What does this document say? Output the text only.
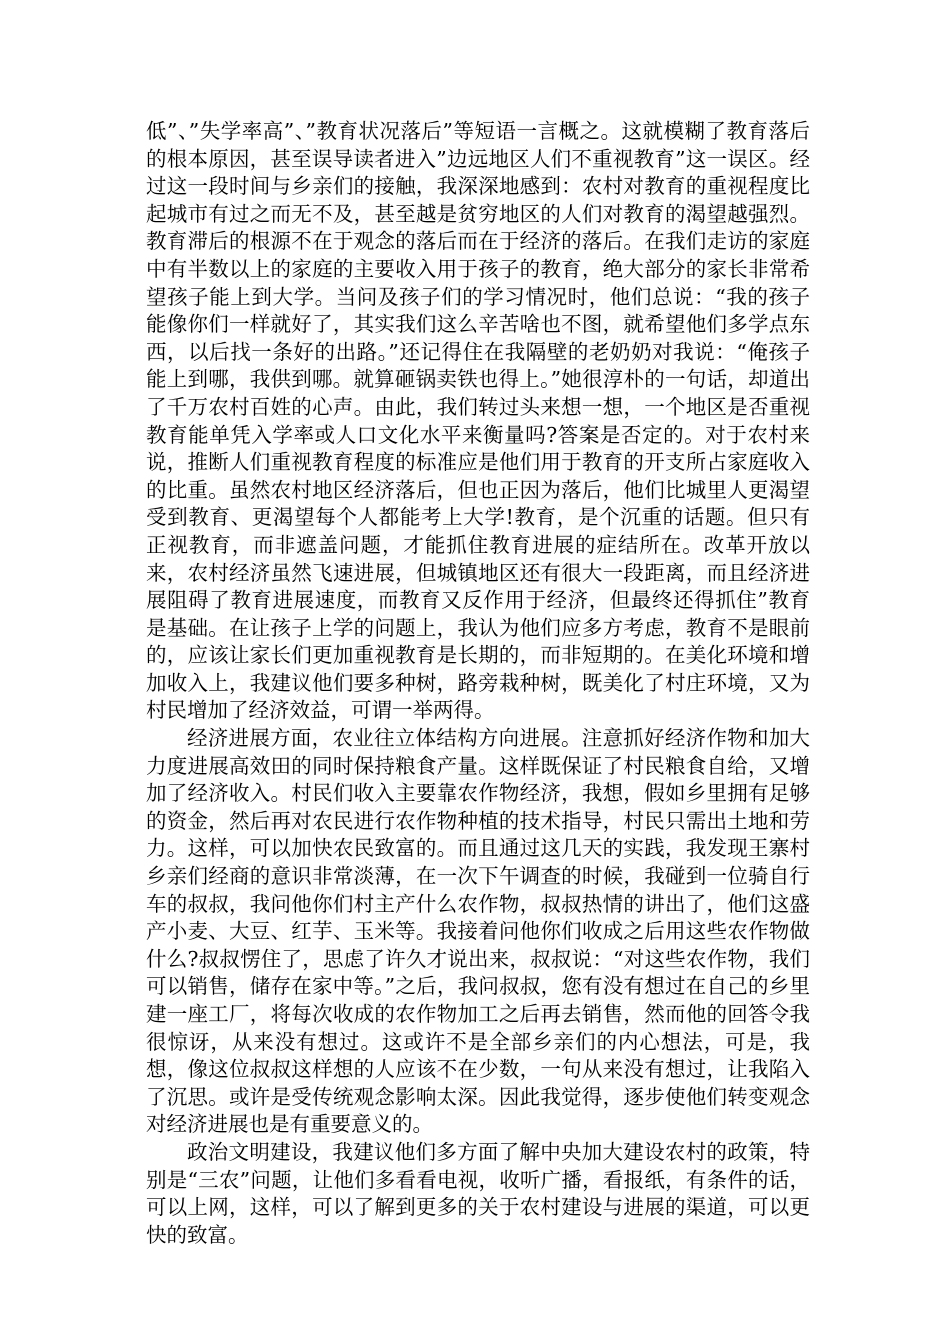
低”、”失学率高”、”教育状况落后”等短语一言概之。这就模糊了教育落后的根本原因，甚至误导读者进入”边远地区人们不重视教育”这一误区。经过这一段时间与乡亲们的接触，我深深地感到：农村对教育的重视程度比起城市有过之而无不及，甚至越是贫穷地区的人们对教育的渴望越强烈。教育滞后的根源不在于观念的落后而在于经济的落后。在我们走访的家庭中有半数以上的家庭的主要收入用于孩子的教育，绝大部分的家长非常希望孩子能上到大学。当问及孩子们的学习情况时，他们总说：“我的孩子能像你们一样就好了，其实我们这么辛苦啥也不图，就希望他们多学点东西，以后找一条好的出路。”还记得住在我隔壁的老奶奶对我说：“俺孩子能上到哪，我供到哪。就算砸锅卖铁也得上。”她很淳朴的一句话，却道出了千万农村百姓的心声。由此，我们转过头来想一想，一个地区是否重视教育能单凭入学率或人口文化水平来衡量吗?答案是否定的。对于农村来说，推断人们重视教育程度的标准应是他们用于教育的开支所占家庭收入的比重。虽然农村地区经济落后，但也正因为落后，他们比城里人更渴望受到教育、更渴望每个人都能考上大学!教育，是个沉重的话题。但只有正视教育，而非遮盖问题，才能抓住教育进展的症结所在。改革开放以来，农村经济虽然飞速进展，但城镇地区还有很大一段距离，而且经济进展阻碍了教育进展速度，而教育又反作用于经济，但最终还得抓住”教育是基础。在让孩子上学的问题上，我认为他们应多方考虑，教育不是眼前的，应该让家长们更加重视教育是长期的，而非短期的。在美化环境和增加收入上，我建议他们要多种树，路旁栽种树，既美化了村庄环境，又为村民增加了经济效益，可谓一举两得。

经济进展方面，农业往立体结构方向进展。注意抓好经济作物和加大力度进展高效田的同时保持粮食产量。这样既保证了村民粮食自给，又增加了经济收入。村民们收入主要靠农作物经济，我想，假如乡里拥有足够的资金，然后再对农民进行农作物种植的技术指导，村民只需出土地和劳力。这样，可以加快农民致富的。而且通过这几天的实践，我发现王寨村乡亲们经商的意识非常淡薄，在一次下午调查的时候，我碰到一位骑自行车的叔叔，我问他你们村主产什么农作物，叔叔热情的讲出了，他们这盛产小麦、大豆、红芋、玉米等。我接着问他你们收成之后用这些农作物做什么?叔叔愣住了，思虑了许久才说出来，叔叔说：“对这些农作物，我们可以销售，储存在家中等。”之后，我问叔叔，您有没有想过在自己的乡里建一座工厂，将每次收成的农作物加工之后再去销售，然而他的回答令我很惊讶，从来没有想过。这或许不是全部乡亲们的内心想法，可是，我想，像这位叔叔这样想的人应该不在少数，一句从来没有想过，让我陷入了沉思。或许是受传统观念影响太深。因此我觉得，逐步使他们转变观念对经济进展也是有重要意义的。

政治文明建设，我建议他们多方面了解中央加大建设农村的政策，特别是“三农”问题，让他们多看看电视，收听广播，看报纸，有条件的话，可以上网，这样，可以了解到更多的关于农村建设与进展的渠道，可以更快的致富。
